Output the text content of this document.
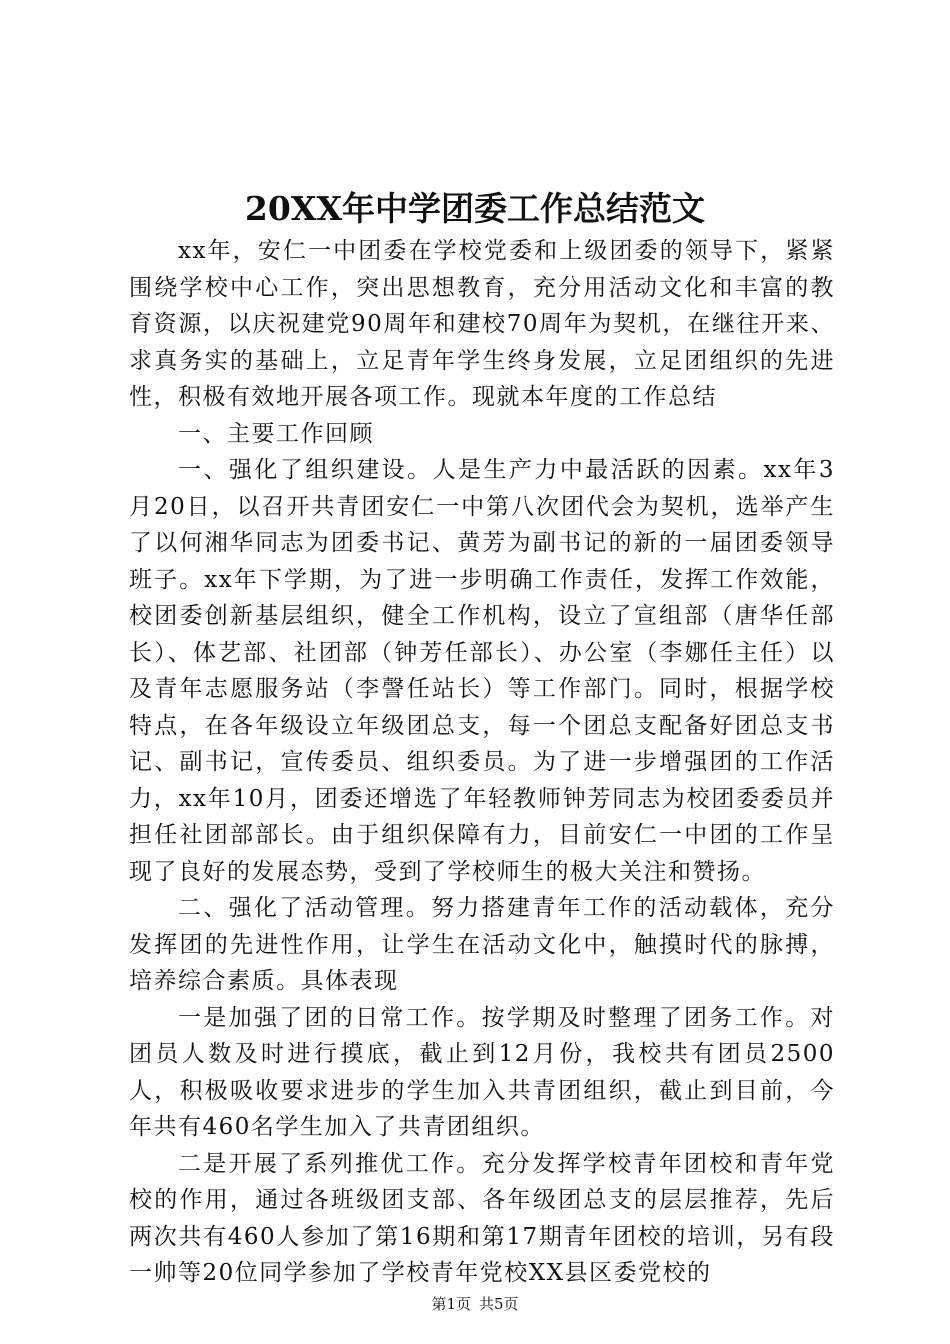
20XX年中学团委工作总结范文

xx年，安仁一中团委在学校党委和上级团委的领导下，紧紧围绕学校中心工作，突出思想教育，充分用活动文化和丰富的教育资源，以庆祝建党90周年和建校70周年为契机，在继往开来、求真务实的基础上，立足青年学生终身发展，立足团组织的先进性，积极有效地开展各项工作。现就本年度的工作总结

一、主要工作回顾

一、强化了组织建设。人是生产力中最活跃的因素。xx年3月20日，以召开共青团安仁一中第八次团代会为契机，选举产生了以何湘华同志为团委书记、黄芳为副书记的新的一届团委领导班子。xx年下学期，为了进一步明确工作责任，发挥工作效能，校团委创新基层组织，健全工作机构，设立了宣组部（唐华任部长）、体艺部、社团部（钟芳任部长）、办公室（李娜任主任）以及青年志愿服务站（李謦任站长）等工作部门。同时，根据学校特点，在各年级设立年级团总支，每一个团总支配备好团总支书记、副书记，宣传委员、组织委员。为了进一步增强团的工作活力，xx年10月，团委还增选了年轻教师钟芳同志为校团委委员并担任社团部部长。由于组织保障有力，目前安仁一中团的工作呈现了良好的发展态势，受到了学校师生的极大关注和赞扬。

二、强化了活动管理。努力搭建青年工作的活动载体，充分发挥团的先进性作用，让学生在活动文化中，触摸时代的脉搏，培养综合素质。具体表现

一是加强了团的日常工作。按学期及时整理了团务工作。对团员人数及时进行摸底，截止到12月份，我校共有团员2500人，积极吸收要求进步的学生加入共青团组织，截止到目前，今年共有460名学生加入了共青团组织。

二是开展了系列推优工作。充分发挥学校青年团校和青年党校的作用，通过各班级团支部、各年级团总支的层层推荐，先后两次共有460人参加了第16期和第17期青年团校的培训，另有段一帅等20位同学参加了学校青年党校XX县区委党校的

第1页 共5页
